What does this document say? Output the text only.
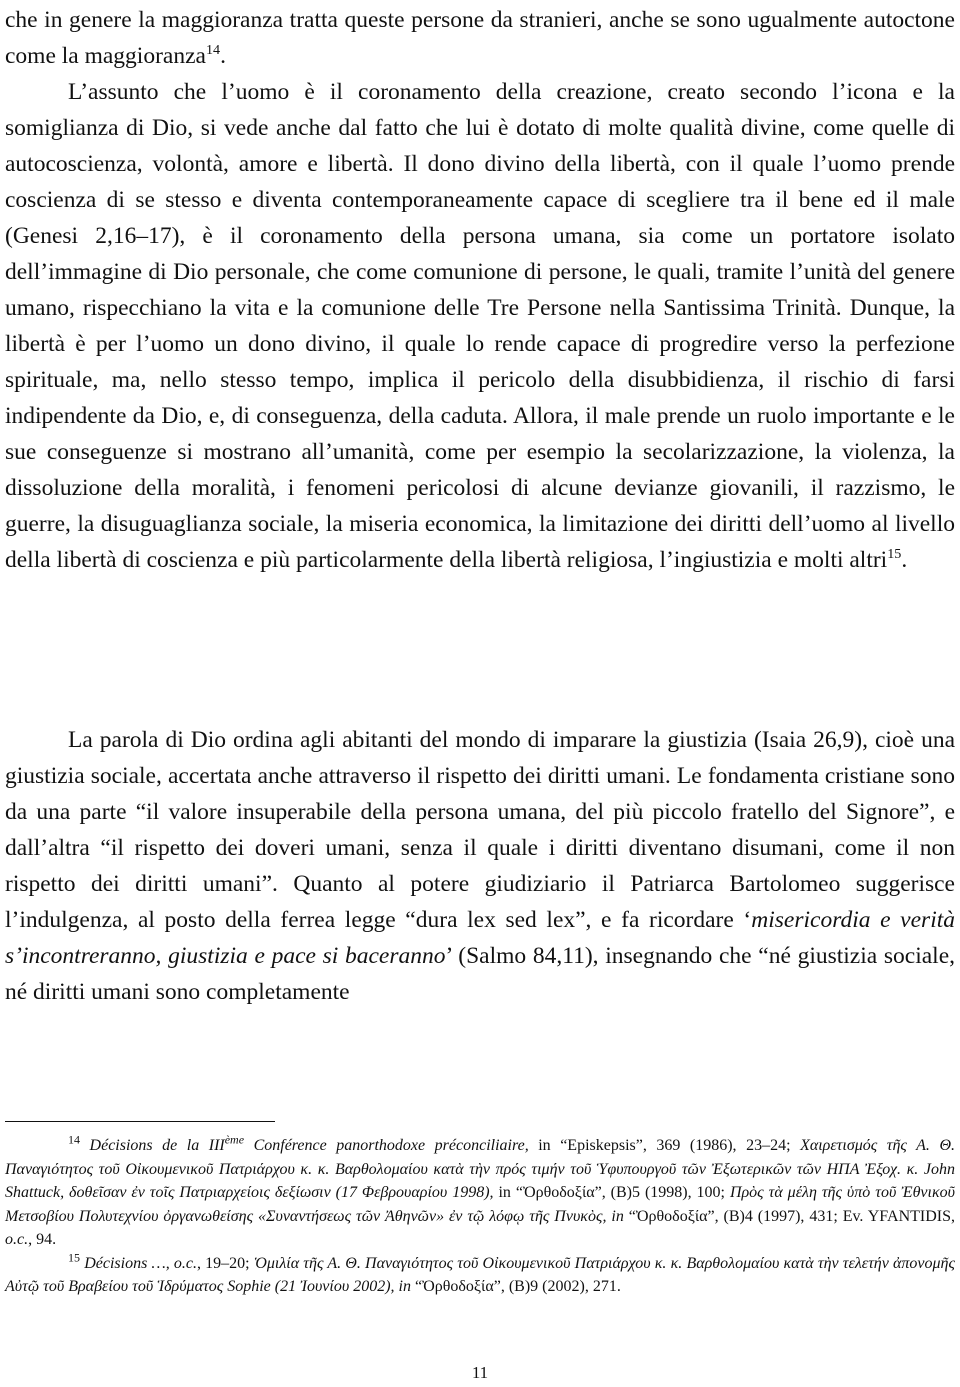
che in genere la maggioranza tratta queste persone da stranieri, anche se sono ugualmente autoctone come la maggioranza$^{14}$.

L’assunto che l’uomo è il coronamento della creazione, creato secondo l’icona e la somiglianza di Dio, si vede anche dal fatto che lui è dotato di molte qualità divine, come quelle di autocoscienza, volontà, amore e libertà. Il dono divino della libertà, con il quale l’uomo prende coscienza di se stesso e diventa contemporaneamente capace di scegliere tra il bene ed il male (Genesi 2,16–17), è il coronamento della persona umana, sia come un portatore isolato dell’immagine di Dio personale, che come comunione di persone, le quali, tramite l’unità del genere umano, rispecchiano la vita e la comunione delle Tre Persone nella Santissima Trinità. Dunque, la libertà è per l’uomo un dono divino, il quale lo rende capace di progredire verso la perfezione spirituale, ma, nello stesso tempo, implica il pericolo della disubbidienza, il rischio di farsi indipendente da Dio, e, di conseguenza, della caduta. Allora, il male prende un ruolo importante e le sue conseguenze si mostrano all’umanità, come per esempio la secolarizzazione, la violenza, la dissoluzione della moralità, i fenomeni pericolosi di alcune devianze giovanili, il razzismo, le guerre, la disuguaglianza sociale, la miseria economica, la limitazione dei diritti dell’uomo al livello della libertà di coscienza e più particolarmente della libertà religiosa, l’ingiustizia e molti altri$^{15}$.

La parola di Dio ordina agli abitanti del mondo di imparare la giustizia (Isaia 26,9), cioè una giustizia sociale, accertata anche attraverso il rispetto dei diritti umani. Le fondamenta cristiane sono da una parte “il valore insuperabile della persona umana, del più piccolo fratello del Signore”, e dall’altra “il rispetto dei doveri umani, senza il quale i diritti diventano disumani, come il non rispetto dei diritti umani”. Quanto al potere giudiziario il Patriarca Bartolomeo suggerisce l’indulgenza, al posto della ferrea legge “dura lex sed lex”, e fa ricordare ‘misericordia e verità s’incontreranno, giustizia e pace si baceranno’ (Salmo 84,11), insegnando che “né giustizia sociale, né diritti umani sono completamente

$^{14}$ Décisions de la IIIème Conférence panorthodoxe préconciliaire, in “Episkepsis”, 369 (1986), 23–24; Χαιρετισμός τῆς Α. Θ. Παναγιότητος τοῦ Οἰκουμενικοῦ Πατριάρχου κ. κ. Βαρθολομαίου κατὰ τὴν πρός τιμήν τοῦ Ὑφυπουργοῦ τῶν Ἐξωτερικῶν τῶν ΗΠΑ Ἐξοχ. κ. John Shattuck, δοθεῖσαν ἐν τοῖς Πατριαρχείοις δεξίωσιν (17 Φεβρουαρίου 1998), in “Ὀρθοδοξία”, (Β)5 (1998), 100; Πρὸς τὰ μέλη τῆς ὑπὸ τοῦ Ἐθνικοῦ Μετσοβίου Πολυτεχνίου ὀργανωθείσης «Συναντήσεως τῶν Ἀθηνῶν» ἐν τῷ λόφῳ τῆς Πνυκὸς, in “Ὀρθοδοξία”, (Β)4 (1997), 431; Ev. YFANTIDIS, o.c., 94.

$^{15}$ Décisions …, o.c., 19–20; Ὁμιλία τῆς Α. Θ. Παναγιότητος τοῦ Οἰκουμενικοῦ Πατριάρχου κ. κ. Βαρθολομαίου κατὰ τὴν τελετήν ἀπονομῆς Αὐτῷ τοῦ Βραβείου τοῦ Ἱδρύματος Sophie (21 Ἰουνίου 2002), in “Ὀρθοδοξία”, (Β)9 (2002), 271.

11
